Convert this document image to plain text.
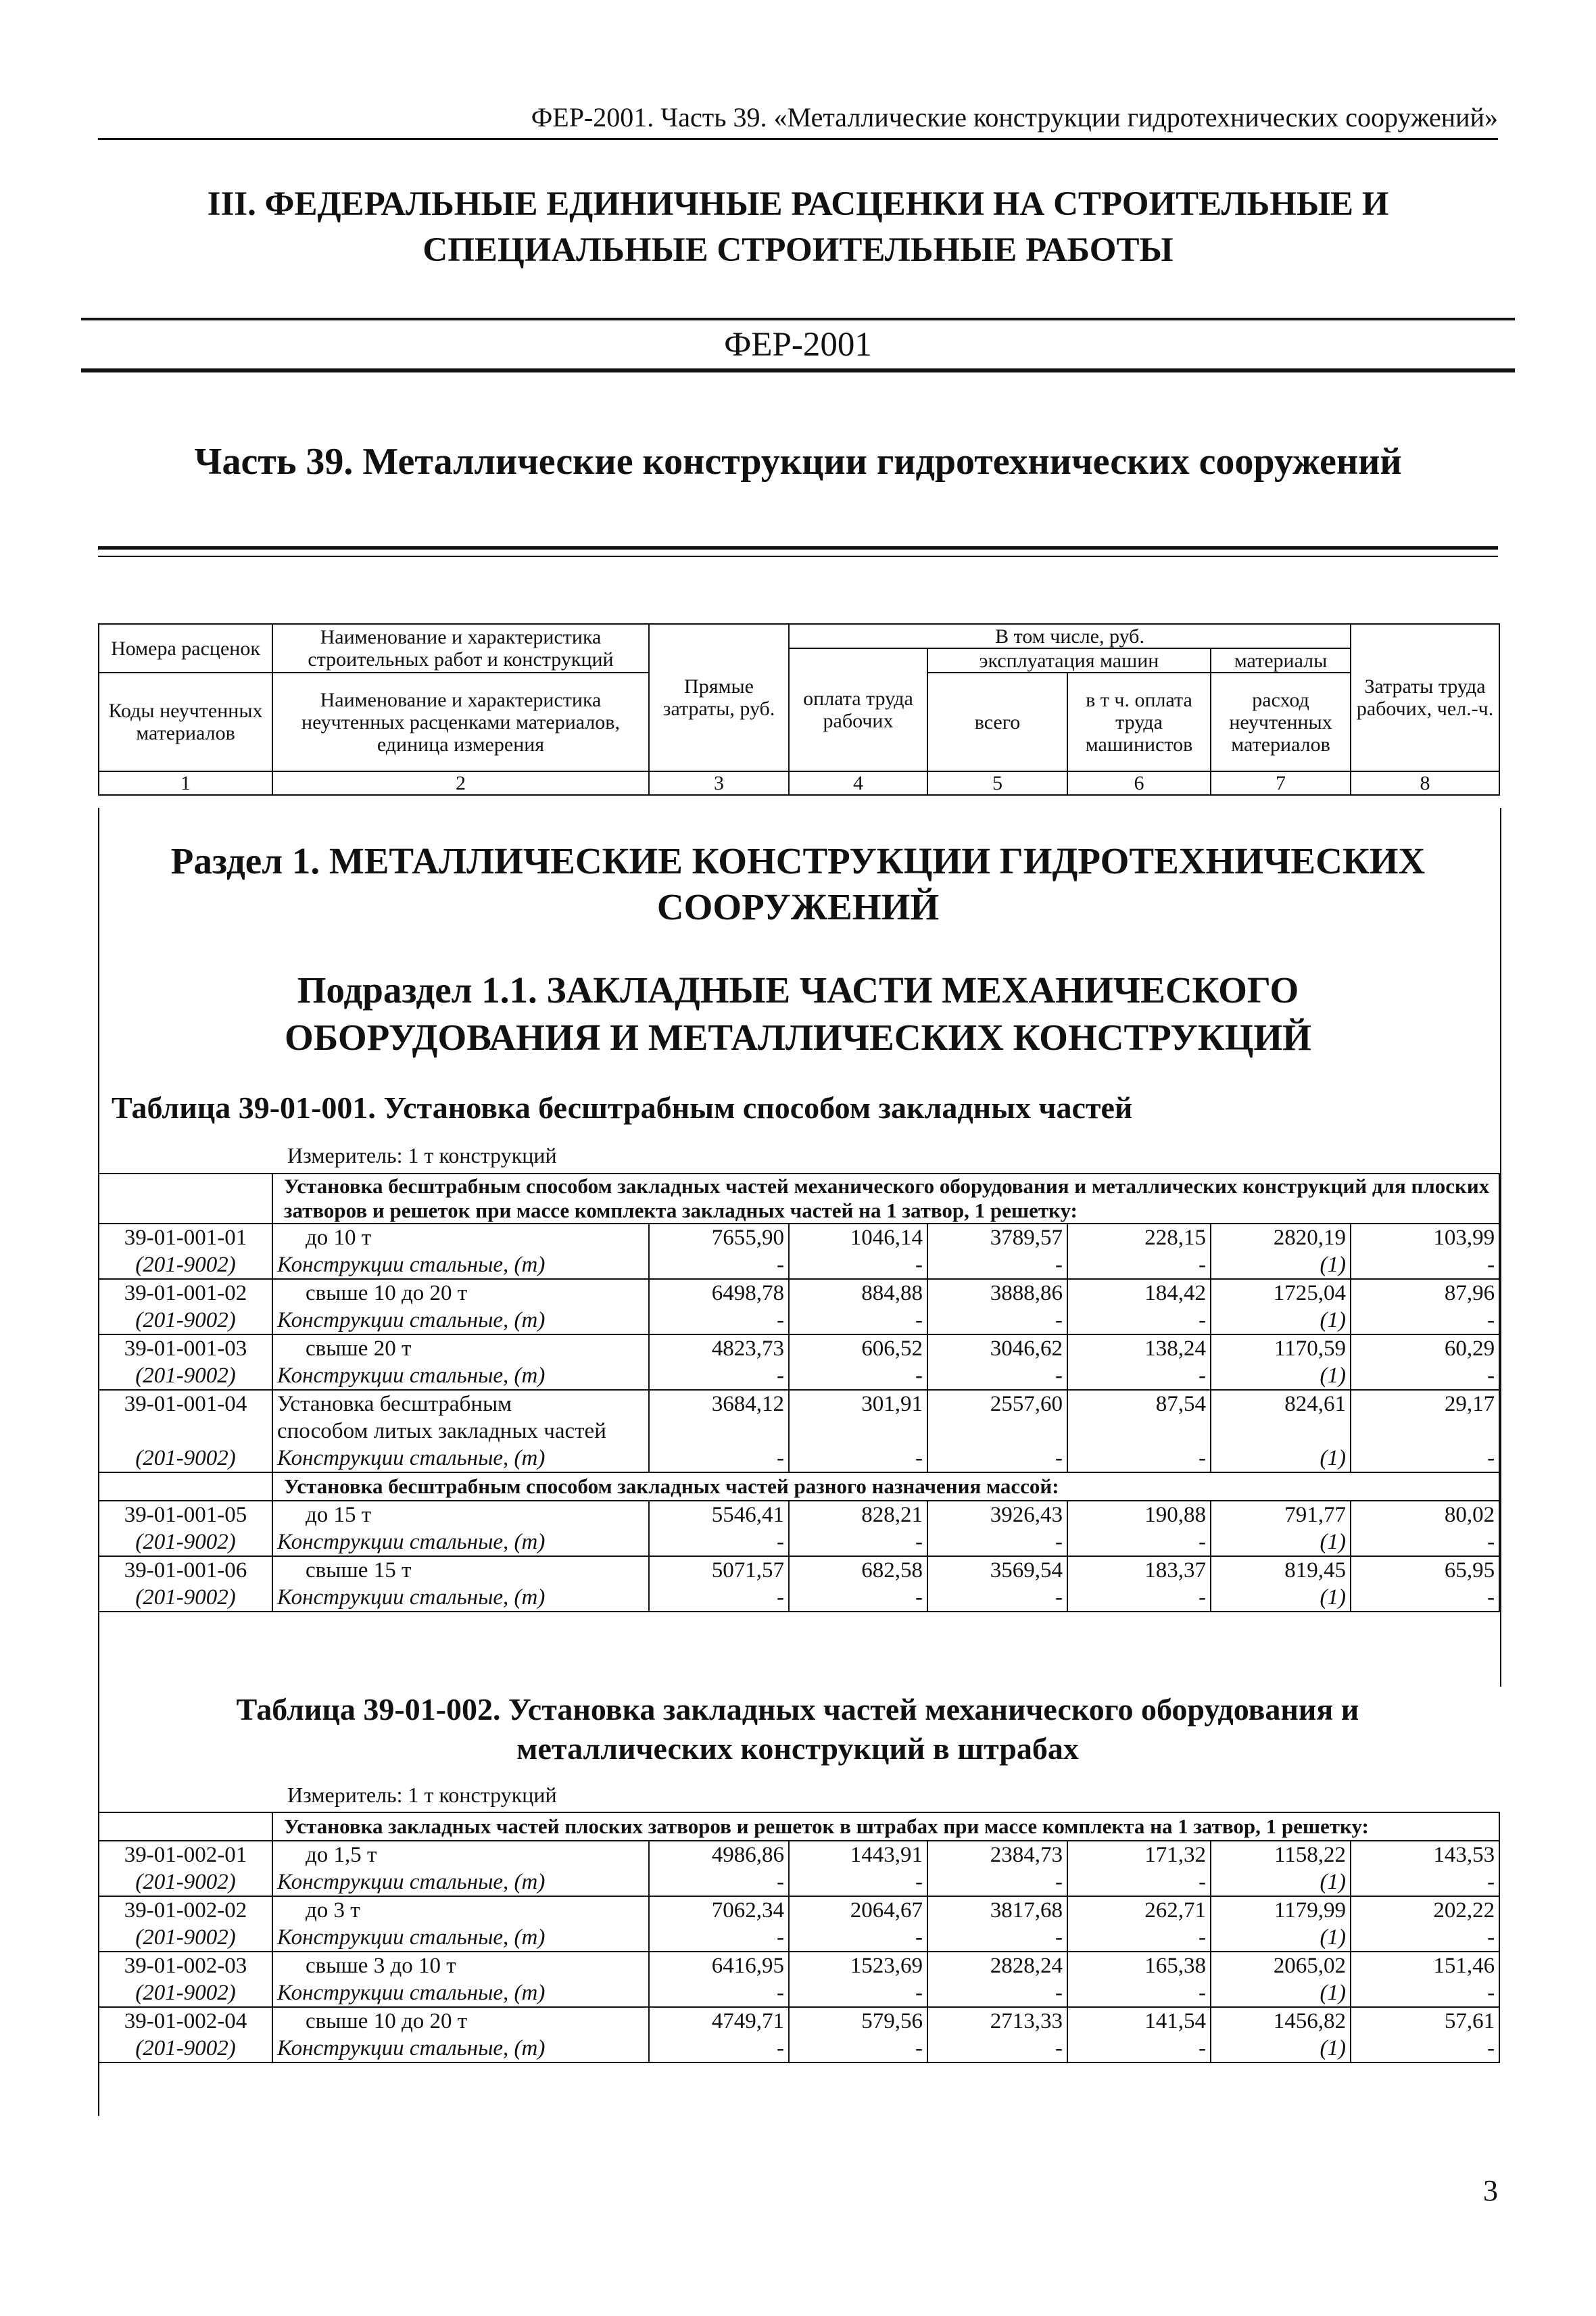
ФЕР-2001. Часть 39. «Металлические конструкции гидротехнических сооружений»
III. ФЕДЕРАЛЬНЫЕ ЕДИНИЧНЫЕ РАСЦЕНКИ НА СТРОИТЕЛЬНЫЕ И
СПЕЦИАЛЬНЫЕ СТРОИТЕЛЬНЫЕ РАБОТЫ
ФЕР-2001
Часть 39. Металлические конструкции гидротехнических сооружений
Номера расценок	Наименование и характеристика строительных работ и конструкций	Прямые затраты, руб.	В том числе, руб.				Затраты труда рабочих, чел.-ч.
			оплата труда рабочих	эксплуатация машин		материалы	
Коды неучтенных материалов	Наименование и характеристика неучтенных расценками материалов, единица измерения			всего	в т ч. оплата труда машинистов	расход неучтенных материалов	

1	2	3	4	5	6	7	8
Раздел 1. МЕТАЛЛИЧЕСКИЕ КОНСТРУКЦИИ ГИДРОТЕХНИЧЕСКИХ
СООРУЖЕНИЙ
Подраздел 1.1. ЗАКЛАДНЫЕ ЧАСТИ МЕХАНИЧЕСКОГО
ОБОРУДОВАНИЯ И МЕТАЛЛИЧЕСКИХ КОНСТРУКЦИЙ
Таблица 39-01-001. Установка бесштрабным способом закладных частей
Измеритель: 1 т конструкций
	Установка бесштрабным способом закладных частей механического оборудования и металлических конструкций для плоских затворов и решеток при массе комплекта закладных частей на 1 затвор, 1 решетку:						
39-01-001-01	до 10 т	7655,90	1046,14	3789,57	228,15	2820,19	103,99
(201-9002)	Конструкции стальные, (т)	-	-	-	-	(1)	-
39-01-001-02	свыше 10 до 20 т	6498,78	884,88	3888,86	184,42	1725,04	87,96
(201-9002)	Конструкции стальные, (т)	-	-	-	-	(1)	-
39-01-001-03	свыше 20 т	4823,73	606,52	3046,62	138,24	1170,59	60,29
(201-9002)	Конструкции стальные, (т)	-	-	-	-	(1)	-
39-01-001-04	Установка бесштрабным	3684,12	301,91	2557,60	87,54	824,61	29,17
	способом литых закладных частей						
(201-9002)	Конструкции стальные, (т)	-	-	-	-	(1)	-
	Установка бесштрабным способом закладных частей разного назначения массой:						
39-01-001-05	до 15 т	5546,41	828,21	3926,43	190,88	791,77	80,02
(201-9002)	Конструкции стальные, (т)	-	-	-	-	(1)	-
39-01-001-06	свыше 15 т	5071,57	682,58	3569,54	183,37	819,45	65,95
(201-9002)	Конструкции стальные, (т)	-	-	-	-	(1)	-
Таблица 39-01-002. Установка закладных частей механического оборудования и
металлических конструкций в штрабах
Измеритель: 1 т конструкций
	Установка закладных частей плоских затворов и решеток в штрабах при массе комплекта на 1 затвор, 1 решетку:						
39-01-002-01	до 1,5 т	4986,86	1443,91	2384,73	171,32	1158,22	143,53
(201-9002)	Конструкции стальные, (т)	-	-	-	-	(1)	-
39-01-002-02	до 3 т	7062,34	2064,67	3817,68	262,71	1179,99	202,22
(201-9002)	Конструкции стальные, (т)	-	-	-	-	(1)	-
39-01-002-03	свыше 3 до 10 т	6416,95	1523,69	2828,24	165,38	2065,02	151,46
(201-9002)	Конструкции стальные, (т)	-	-	-	-	(1)	-
39-01-002-04	свыше 10 до 20 т	4749,71	579,56	2713,33	141,54	1456,82	57,61
(201-9002)	Конструкции стальные, (т)	-	-	-	-	(1)	-
3
